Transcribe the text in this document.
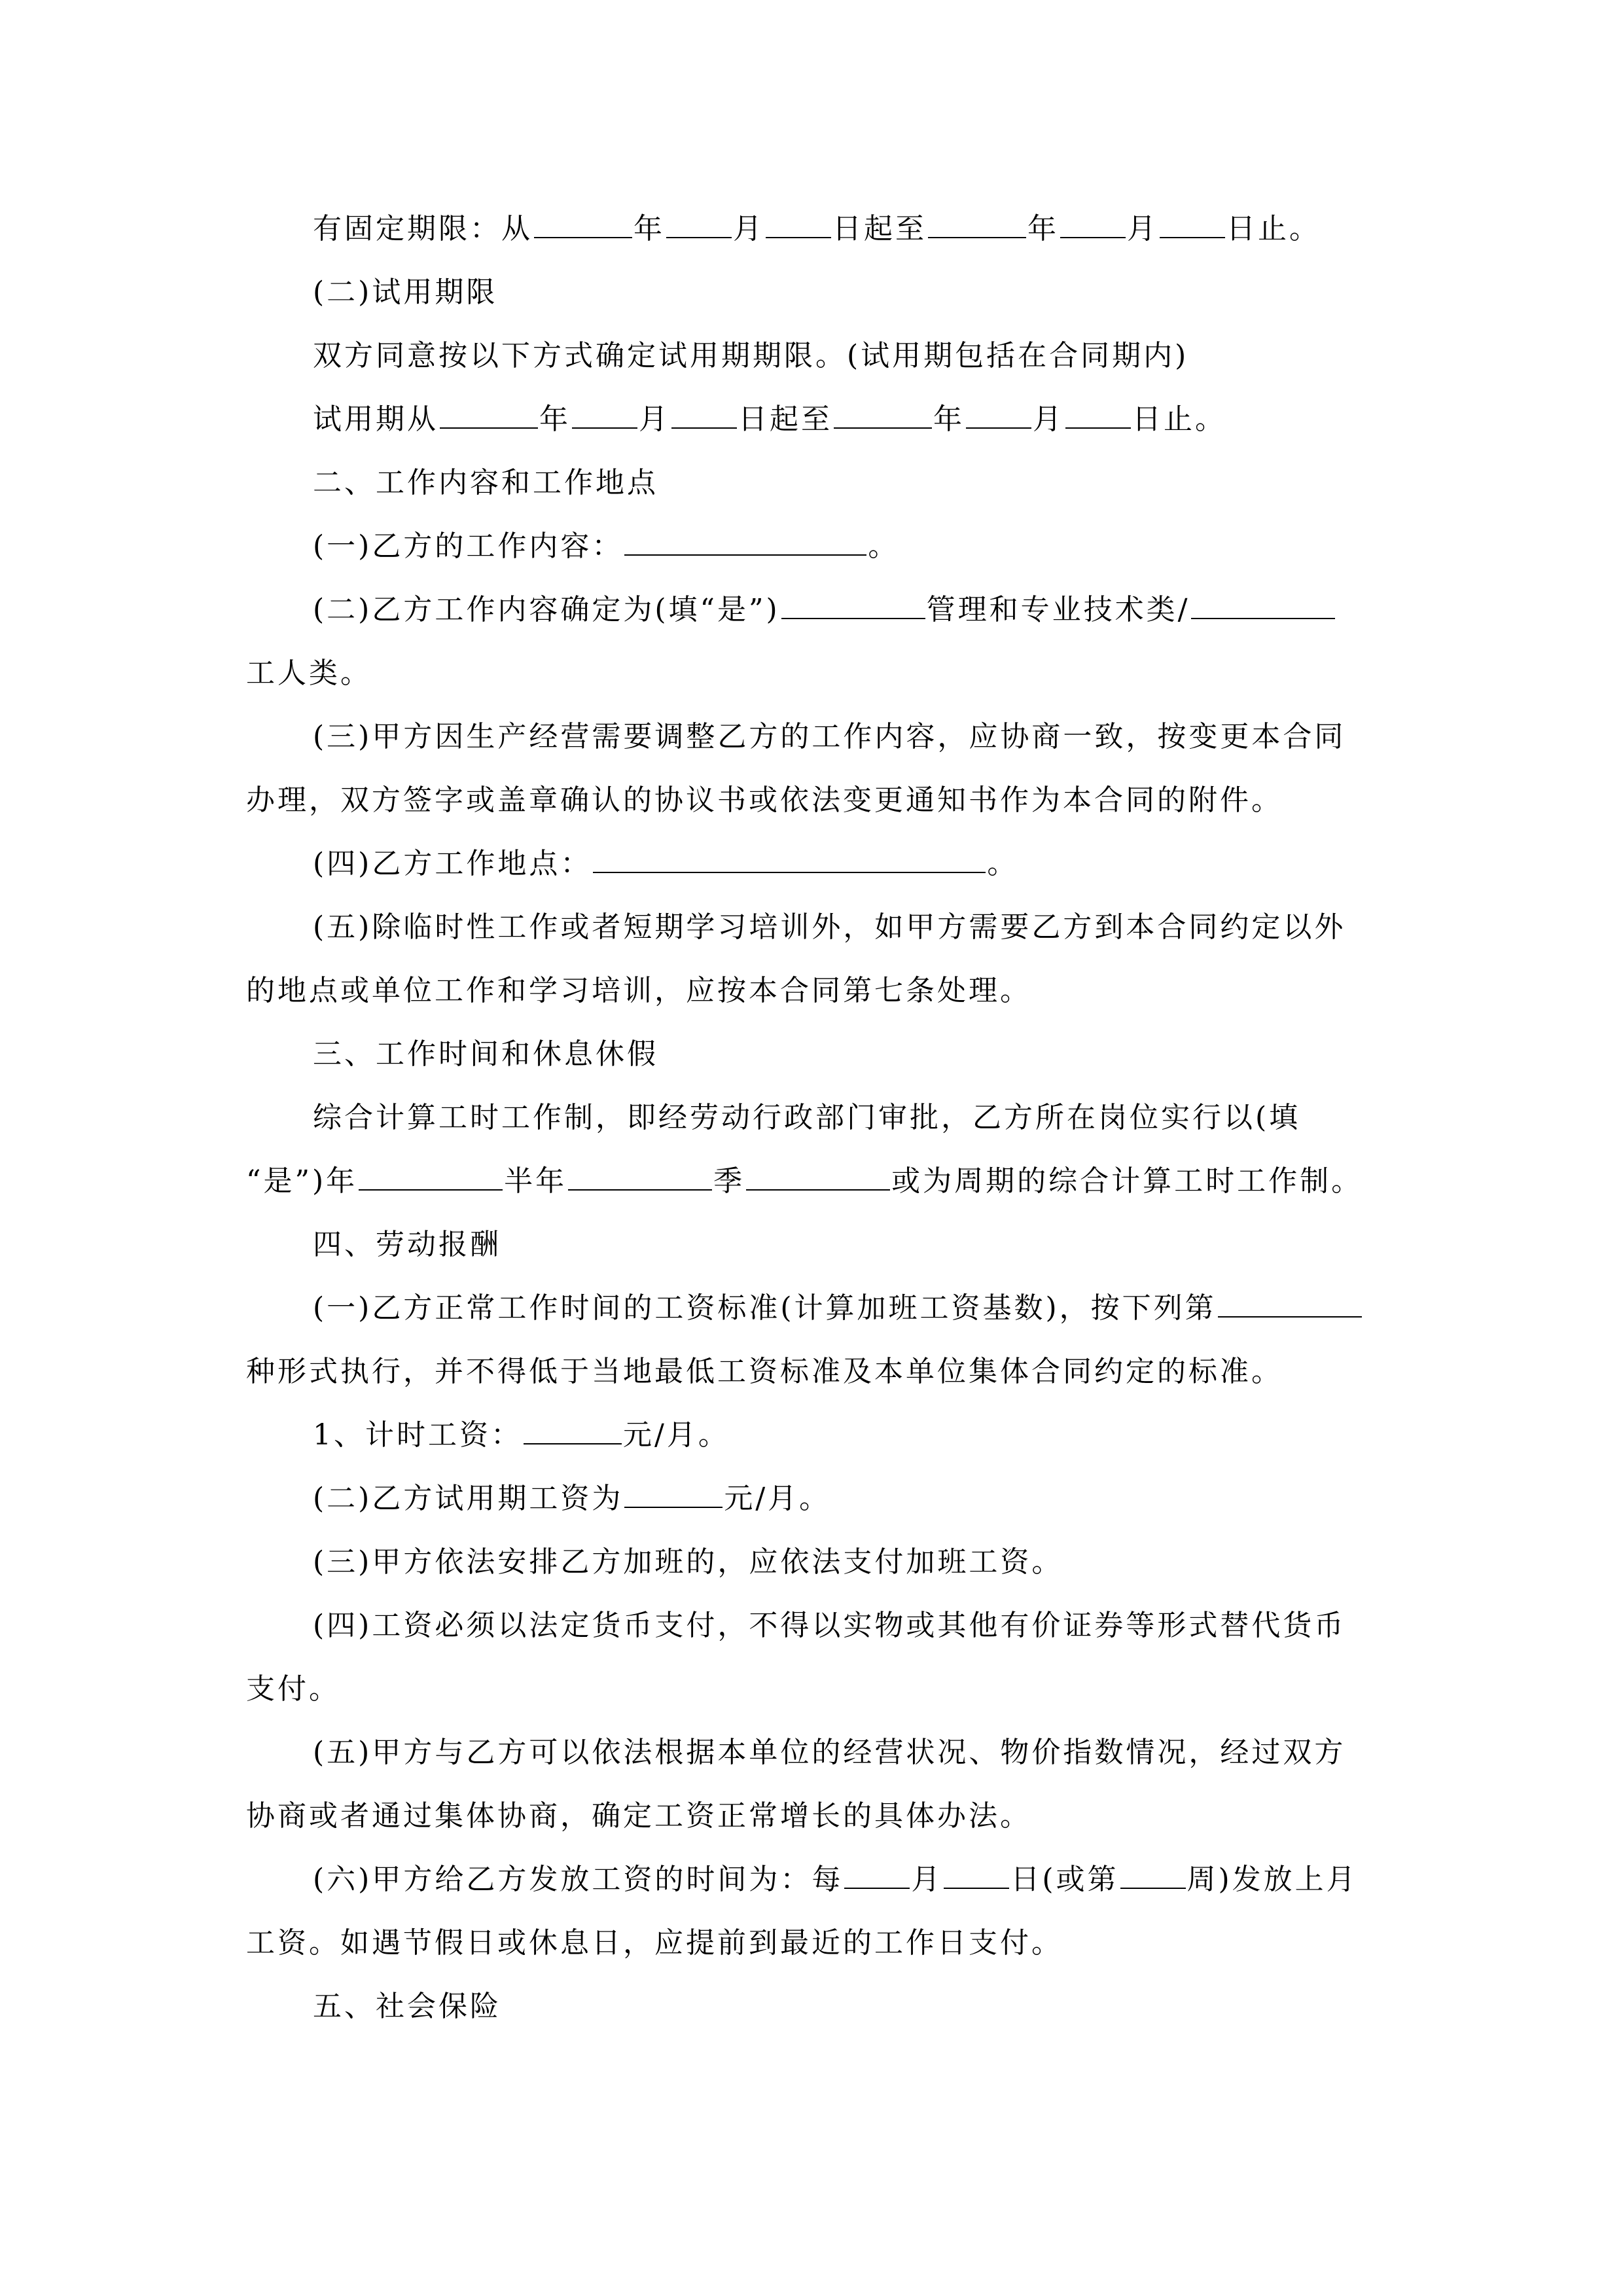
有固定期限：从	年 月 日起至	年 月 日止。
(二)试用期限
双方同意按以下方式确定试用期期限。(试用期包括在合同期内)
试用期从	年 月 日起至	年 月 日止。
二、工作内容和工作地点
(一)乙方的工作内容：	。
(二)乙方工作内容确定为(填“是”)	管理和专业技术类/
工人类。
(三)甲方因生产经营需要调整乙方的工作内容，应协商一致，按变更本合同
办理，双方签字或盖章确认的协议书或依法变更通知书作为本合同的附件。
(四)乙方工作地点：	。
(五)除临时性工作或者短期学习培训外，如甲方需要乙方到本合同约定以外
的地点或单位工作和学习培训，应按本合同第七条处理。
三、工作时间和休息休假
综合计算工时工作制，即经劳动行政部门审批，乙方所在岗位实行以(填
“是”)年	半年	季	或为周期的综合计算工时工作制。
四、劳动报酬
(一)乙方正常工作时间的工资标准(计算加班工资基数)，按下列第
种形式执行，并不得低于当地最低工资标准及本单位集体合同约定的标准。
1、计时工资：	元/月。
(二)乙方试用期工资为	元/月。
(三)甲方依法安排乙方加班的，应依法支付加班工资。
(四)工资必须以法定货币支付，不得以实物或其他有价证券等形式替代货币
支付。
(五)甲方与乙方可以依法根据本单位的经营状况、物价指数情况，经过双方
协商或者通过集体协商，确定工资正常增长的具体办法。
(六)甲方给乙方发放工资的时间为：每 月 日(或第 周)发放上月
工资。如遇节假日或休息日，应提前到最近的工作日支付。
五、社会保险
